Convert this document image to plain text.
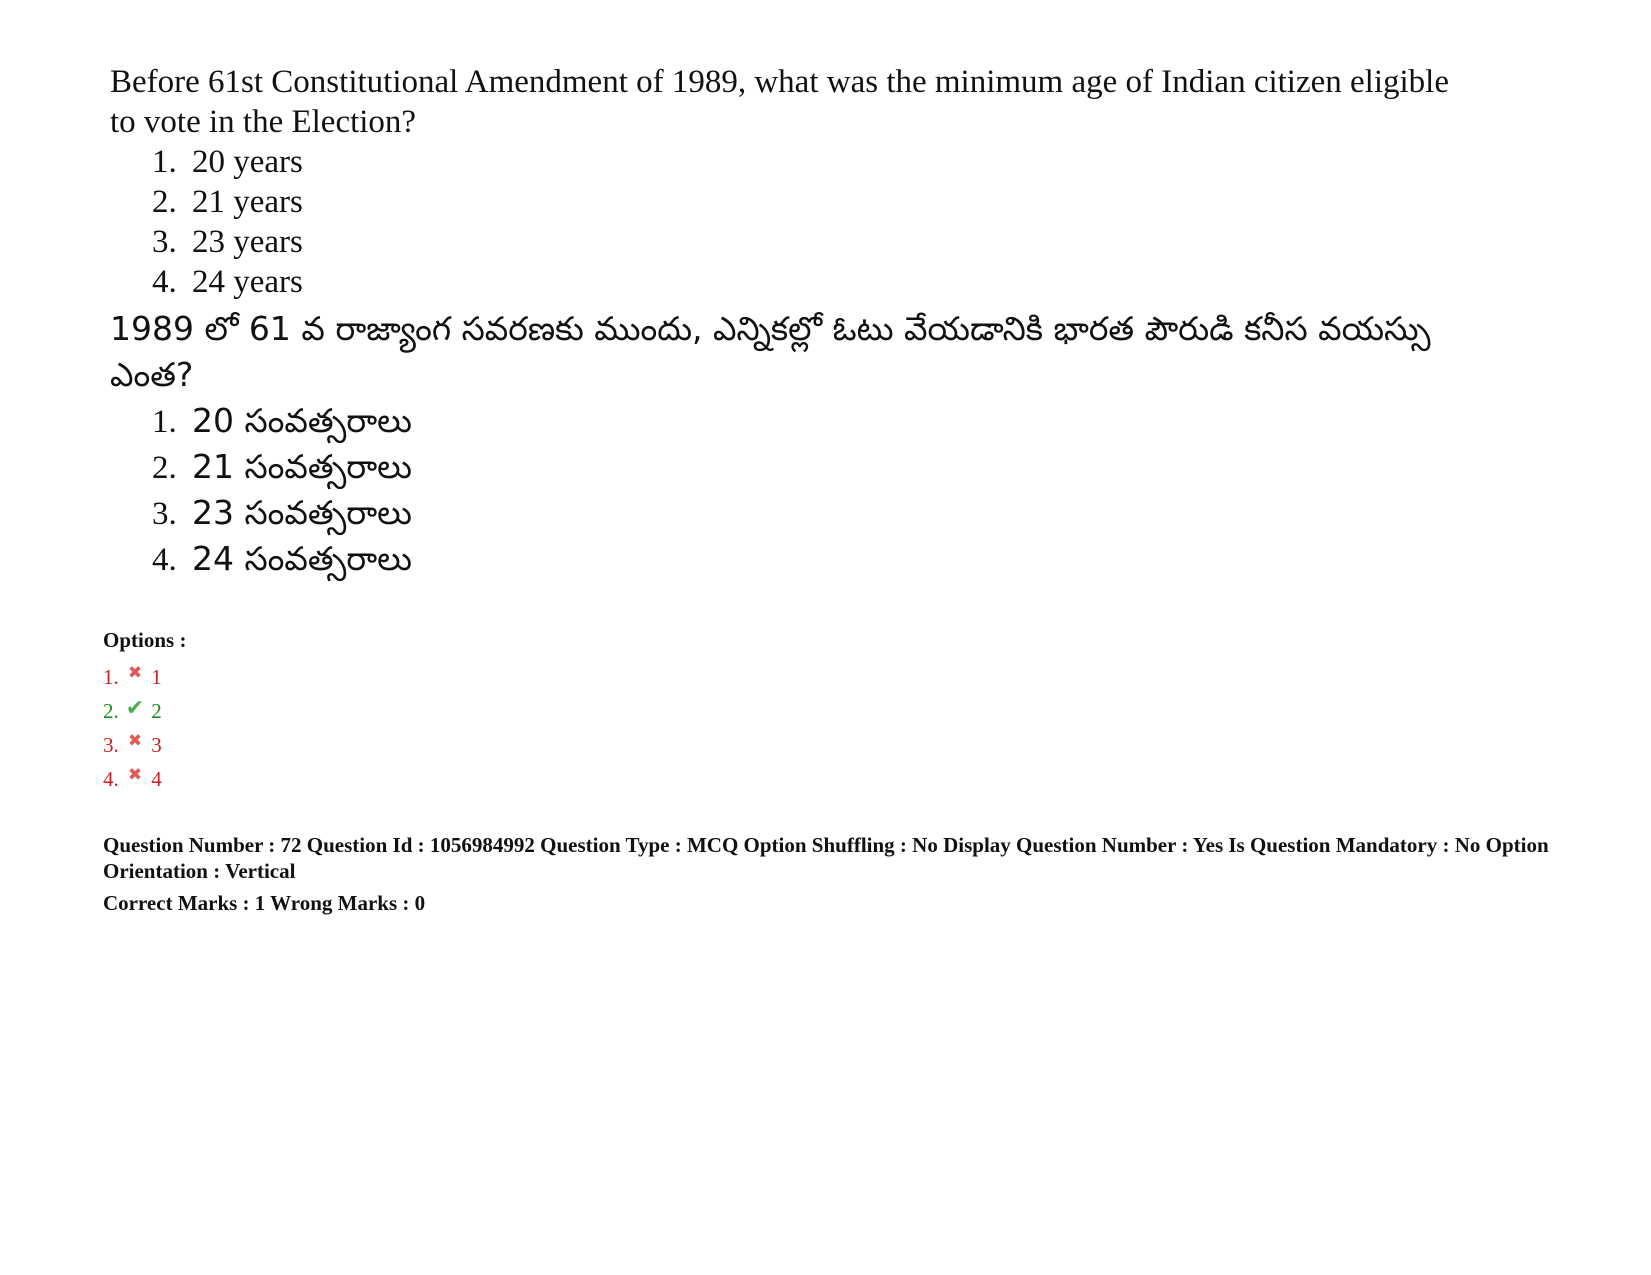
Before 61st Constitutional Amendment of 1989, what was the minimum age of Indian citizen eligible to vote in the Election?

1. 20 years
2. 21 years
3. 23 years
4. 24 years

1989 లో 61 వ రాజ్యాంగ సవరణకు ముందు, ఎన్నికల్లో ఓటు వేయడానికి భారత పౌరుడి కనీస వయస్సు ఎంత?

1. 20 సంవత్సరాలు
2. 21 సంవత్సరాలు
3. 23 సంవత్సరాలు
4. 24 సంవత్సరాలు
Options :
1. ✖ 1
2. ✔ 2
3. ✖ 3
4. ✖ 4

Question Number : 72 Question Id : 1056984992 Question Type : MCQ Option Shuffling : No Display Question Number : Yes Is Question Mandatory : No Option Orientation : Vertical

Correct Marks : 1 Wrong Marks : 0
